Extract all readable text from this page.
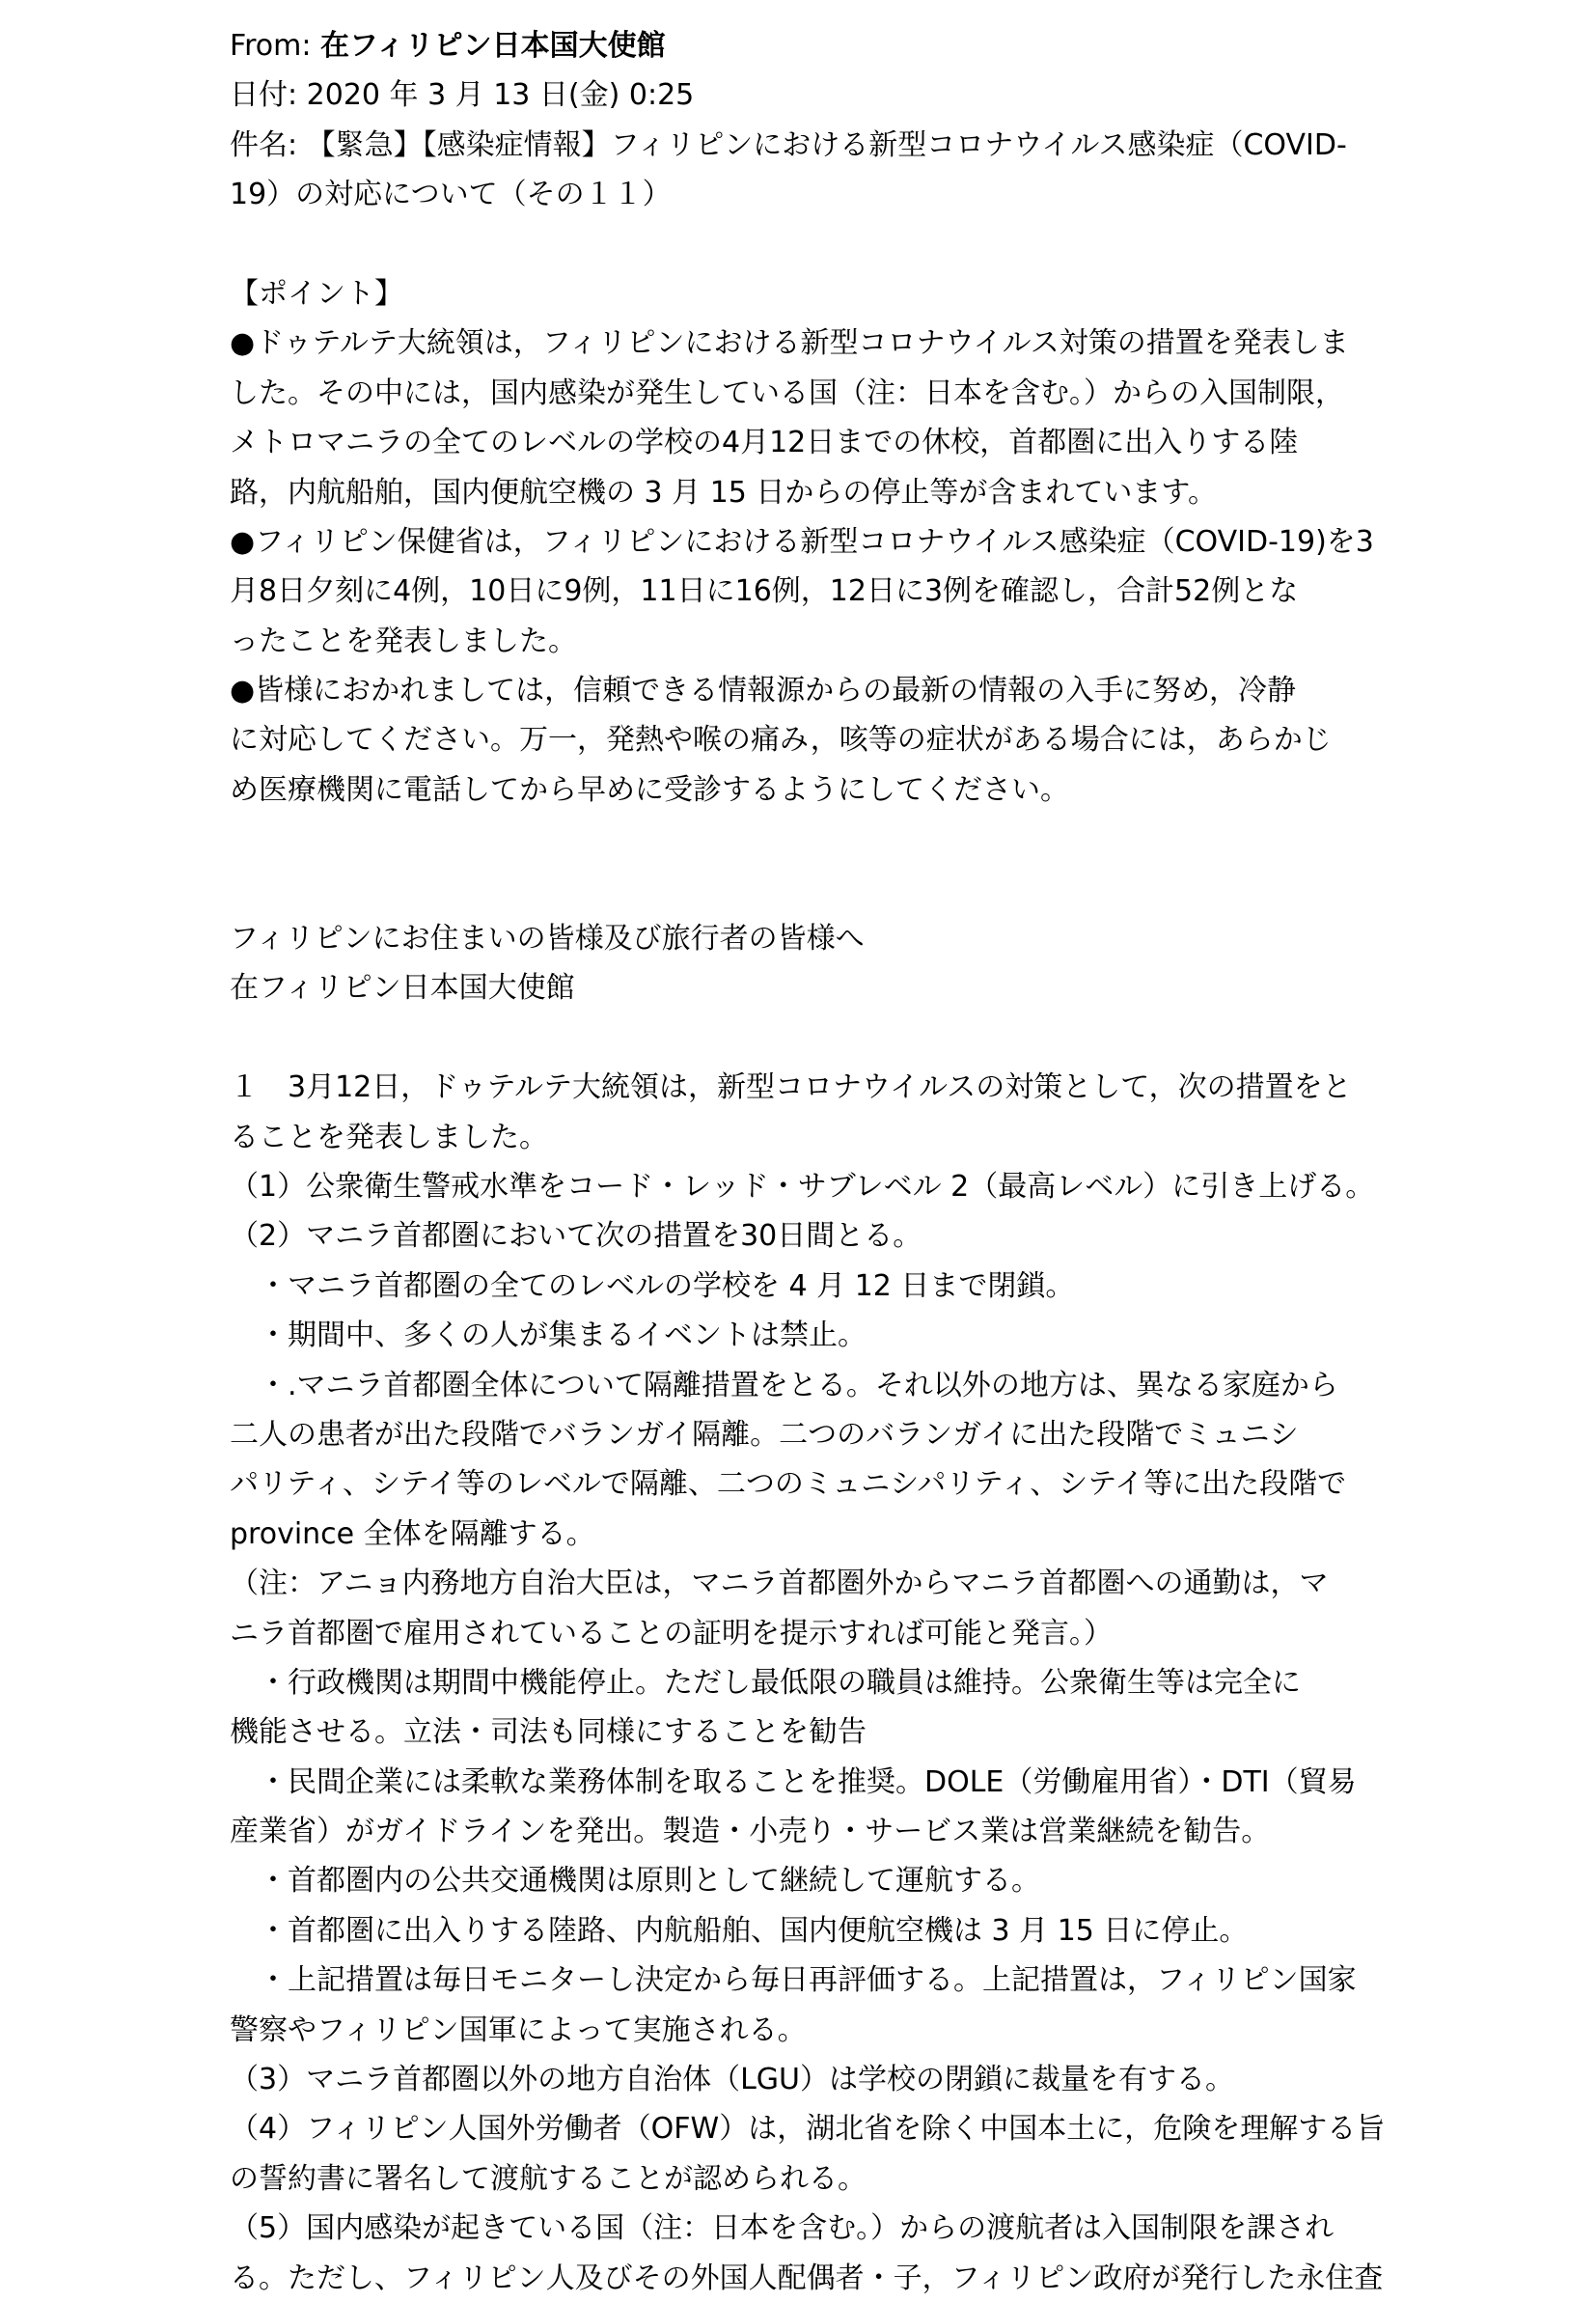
From: 在フィリピン日本国大使館
日付: 2020 年 3 月 13 日(金) 0:25
件名: 【緊急】【感染症情報】フィリピンにおける新型コロナウイルス感染症（COVID-
19）の対応について（その１１）
【ポイント】
●ドゥテルテ大統領は，フィリピンにおける新型コロナウイルス対策の措置を発表しま
した。その中には，国内感染が発生している国（注：日本を含む。）からの入国制限，
メトロマニラの全てのレベルの学校の4月12日までの休校，首都圏に出入りする陸
路，内航船舶，国内便航空機の 3 月 15 日からの停止等が含まれています。
●フィリピン保健省は，フィリピンにおける新型コロナウイルス感染症（COVID-19)を3
月8日夕刻に4例，10日に9例，11日に16例，12日に3例を確認し，合計52例とな
ったことを発表しました。
●皆様におかれましては，信頼できる情報源からの最新の情報の入手に努め，冷静
に対応してください。万一，発熱や喉の痛み，咳等の症状がある場合には，あらかじ
め医療機関に電話してから早めに受診するようにしてください。
フィリピンにお住まいの皆様及び旅行者の皆様へ
在フィリピン日本国大使館
１　3月12日，ドゥテルテ大統領は，新型コロナウイルスの対策として，次の措置をと
ることを発表しました。
（1）公衆衛生警戒水準をコード・レッド・サブレベル 2（最高レベル）に引き上げる。
（2）マニラ首都圏において次の措置を30日間とる。
　・マニラ首都圏の全てのレベルの学校を 4 月 12 日まで閉鎖。
　・期間中、多くの人が集まるイベントは禁止。
　・.マニラ首都圏全体について隔離措置をとる。それ以外の地方は、異なる家庭から
二人の患者が出た段階でバランガイ隔離。二つのバランガイに出た段階でミュニシ
パリティ、シテイ等のレベルで隔離、二つのミュニシパリティ、シテイ等に出た段階で
province 全体を隔離する。
（注：アニョ内務地方自治大臣は，マニラ首都圏外からマニラ首都圏への通勤は，マ
ニラ首都圏で雇用されていることの証明を提示すれば可能と発言。）
　・行政機関は期間中機能停止。ただし最低限の職員は維持。公衆衛生等は完全に
機能させる。立法・司法も同様にすることを勧告
　・民間企業には柔軟な業務体制を取ることを推奨。DOLE（労働雇用省）・DTI（貿易
産業省）がガイドラインを発出。製造・小売り・サービス業は営業継続を勧告。
　・首都圏内の公共交通機関は原則として継続して運航する。
　・首都圏に出入りする陸路、内航船舶、国内便航空機は 3 月 15 日に停止。
　・上記措置は毎日モニターし決定から毎日再評価する。上記措置は，フィリピン国家
警察やフィリピン国軍によって実施される。
（3）マニラ首都圏以外の地方自治体（LGU）は学校の閉鎖に裁量を有する。
（4）フィリピン人国外労働者（OFW）は，湖北省を除く中国本土に，危険を理解する旨
の誓約書に署名して渡航することが認められる。
（5）国内感染が起きている国（注：日本を含む。）からの渡航者は入国制限を課され
る。ただし、フィリピン人及びその外国人配偶者・子，フィリピン政府が発行した永住査
